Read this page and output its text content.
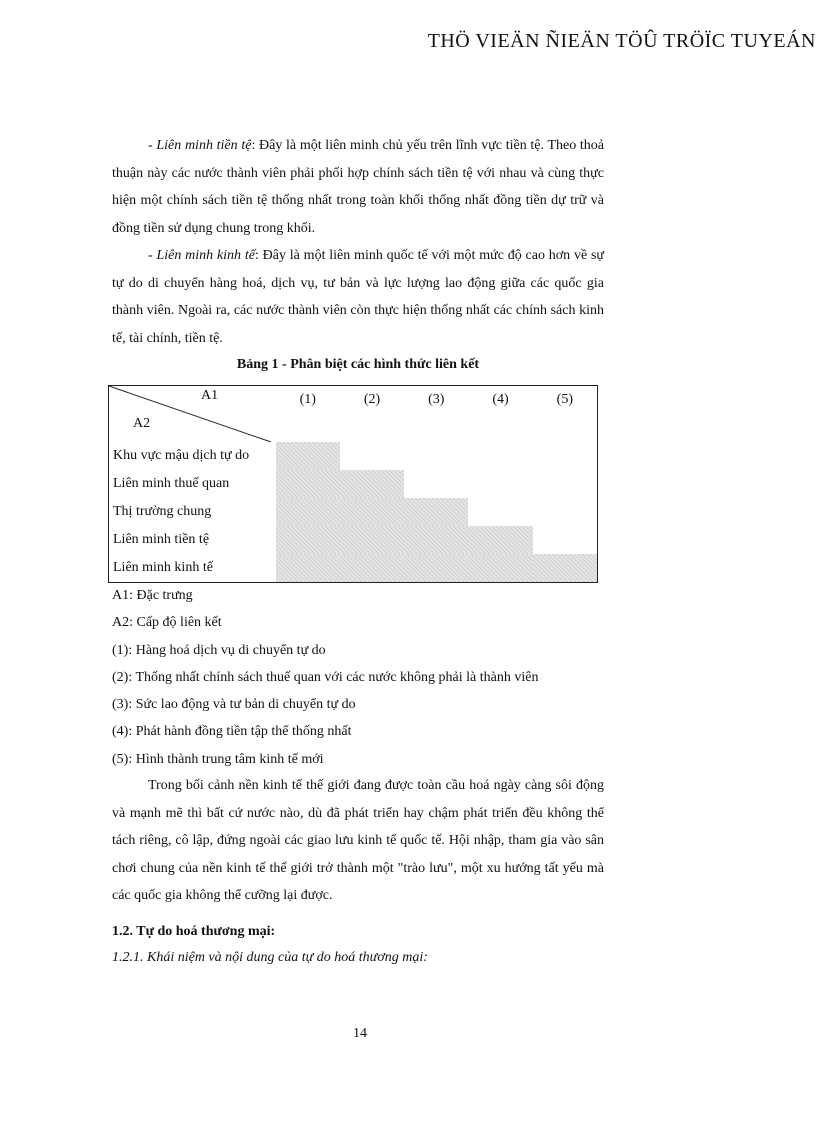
THÖ VIEÄN ÑIEÄN TÖÛ TRÖÏC TUYEÁN

- Liên minh tiền tệ: Đây là một liên minh chủ yếu trên lĩnh vực tiền tệ. Theo thoả thuận này các nước thành viên phải phối hợp chính sách tiền tệ với nhau và cùng thực hiện một chính sách tiền tệ thống nhất trong toàn khối thống nhất đồng tiền dự trữ và đồng tiền sử dụng chung trong khối.

- Liên minh kinh tế: Đây là một liên minh quốc tế với một mức độ cao hơn về sự tự do di chuyển hàng hoá, dịch vụ, tư bản và lực lượng lao động giữa các quốc gia thành viên. Ngoài ra, các nước thành viên còn thực hiện thống nhất các chính sách kinh tế, tài chính, tiền tệ.

Bảng 1 - Phân biệt các hình thức liên kết
A1
A2	(1)	(2)	(3)	(4)	(5)

Khu vực mậu dịch tự do					
Liên minh thuế quan					
Thị trường chung					
Liên minh tiền tệ					
Liên minh kinh tế					
A1: Đặc trưng
A2: Cấp độ liên kết
(1): Hàng hoá dịch vụ di chuyển tự do
(2): Thống nhất chính sách thuế quan với các nước không phải là thành viên
(3): Sức lao động và tư bản di chuyển tự do
(4): Phát hành đồng tiền tập thể thống nhất
(5): Hình thành trung tâm kinh tế mới

Trong bối cảnh nền kinh tế thế giới đang được toàn cầu hoá ngày càng sôi động và mạnh mẽ thì bất cứ nước nào, dù đã phát triển hay chậm phát triển đều không thể tách riêng, cô lập, đứng ngoài các giao lưu kinh tế quốc tế. Hội nhập, tham gia vào sân chơi chung của nền kinh tế thế giới trở thành một "trào lưu", một xu hướng tất yếu mà các quốc gia không thể cưỡng lại được.

1.2. Tự do hoá thương mại:
1.2.1. Khái niệm và nội dung của tự do hoá thương mại:
14
